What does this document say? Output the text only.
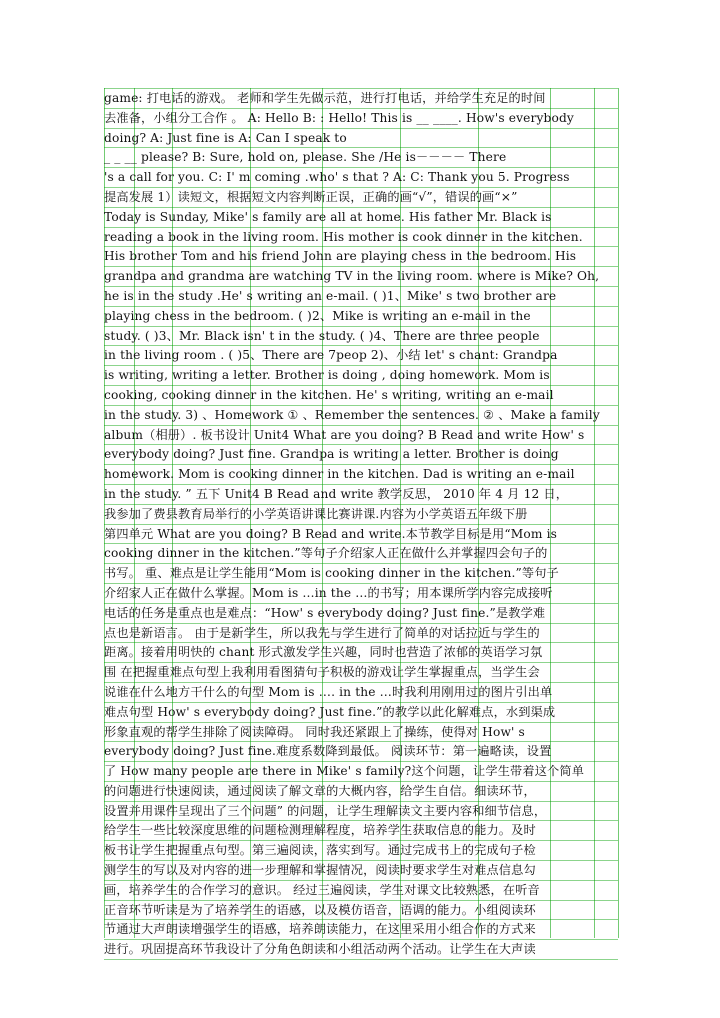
game: 打电话的游戏。 老师和学生先做示范，进行打电话，并给学生充足的时间
去准备，小组分工合作 。 A: Hello B: : Hello! This is __ ____. How's everybody
doing? A: Just fine is A: Can I speak to
_ _ __ please? B: Sure, hold on, please. She /He is－－－－ There
's a call for you. C: I' m coming .who' s that ? A: C: Thank you 5. Progress
提高发展 1）读短文，根据短文内容判断正误，正确的画“√”，错误的画“×”
Today is Sunday, Mike' s family are all at home. His father Mr. Black is
reading a book in the living room. His mother is cook dinner in the kitchen.
His brother Tom and his friend John are playing chess in the bedroom. His
grandpa and grandma are watching TV in the living room. where is Mike? Oh,
he is in the study .He' s writing an e-mail. ( )1、Mike' s two brother are
playing chess in the bedroom. ( )2、Mike is writing an e-mail in the
study. ( )3、Mr. Black isn' t in the study. ( )4、There are three people
in the living room . ( )5、There are 7peop 2)、小结 let' s chant: Grandpa
is writing, writing a letter. Brother is doing , doing homework. Mom is
cooking, cooking dinner in the kitchen. He' s writing, writing an e-mail
in the study. 3) 、Homework ① 、Remember the sentences. ② 、Make a family
album（相册）. 板书设计 Unit4 What are you doing? B Read and write How' s
everybody doing? Just fine. Grandpa is writing a letter. Brother is doing
homework. Mom is cooking dinner in the kitchen. Dad is writing an e-mail
in the study. ” 五下 Unit4 B Read and write 教学反思， 2010 年 4 月 12 日，
我参加了费县教育局举行的小学英语讲课比赛讲课.内容为小学英语五年级下册
第四单元 What are you doing? B Read and write.本节教学目标是用“Mom is
cooking dinner in the kitchen.”等句子介绍家人正在做什么并掌握四会句子的
书写。 重、难点是让学生能用“Mom is cooking dinner in the kitchen.”等句子
介绍家人正在做什么掌握。Mom is …in the …的书写；用本课所学内容完成接听
电话的任务是重点也是难点：“How' s everybody doing? Just fine.”是教学难
点也是新语言。 由于是新学生，所以我先与学生进行了简单的对话拉近与学生的
距离。接着用明快的 chant 形式激发学生兴趣，同时也营造了浓郁的英语学习氛
围 在把握重难点句型上我利用看图猜句子积极的游戏让学生掌握重点，当学生会
说谁在什么地方干什么的句型 Mom is …. in the …时我利用刚用过的图片引出单
难点句型 How' s everybody doing? Just fine.”的教学以此化解难点，水到渠成
形象直观的帮学生排除了阅读障碍。 同时我还紧跟上了操练，使得对 How' s
everybody doing? Just fine.难度系数降到最低。 阅读环节：第一遍略读，设置
了 How many people are there in Mike' s family?这个问题，让学生带着这个简单
的问题进行快速阅读，通过阅读了解文章的大概内容，给学生自信。细读环节，
设置并用课件呈现出了三个问题” 的问题，让学生理解读文主要内容和细节信息，
给学生一些比较深度思维的问题检测理解程度，培养学生获取信息的能力。及时
板书让学生把握重点句型。第三遍阅读，落实到写。通过完成书上的完成句子检
测学生的写以及对内容的进一步理解和掌握情况，阅读时要求学生对难点信息勾
画，培养学生的合作学习的意识。 经过三遍阅读，学生对课文比较熟悉，在听音
正音环节听读是为了培养学生的语感，以及模仿语音，语调的能力。小组阅读环
节通过大声朗读增强学生的语感，培养朗读能力，在这里采用小组合作的方式来
进行。巩固提高环节我设计了分角色朗读和小组活动两个活动。让学生在大声读
